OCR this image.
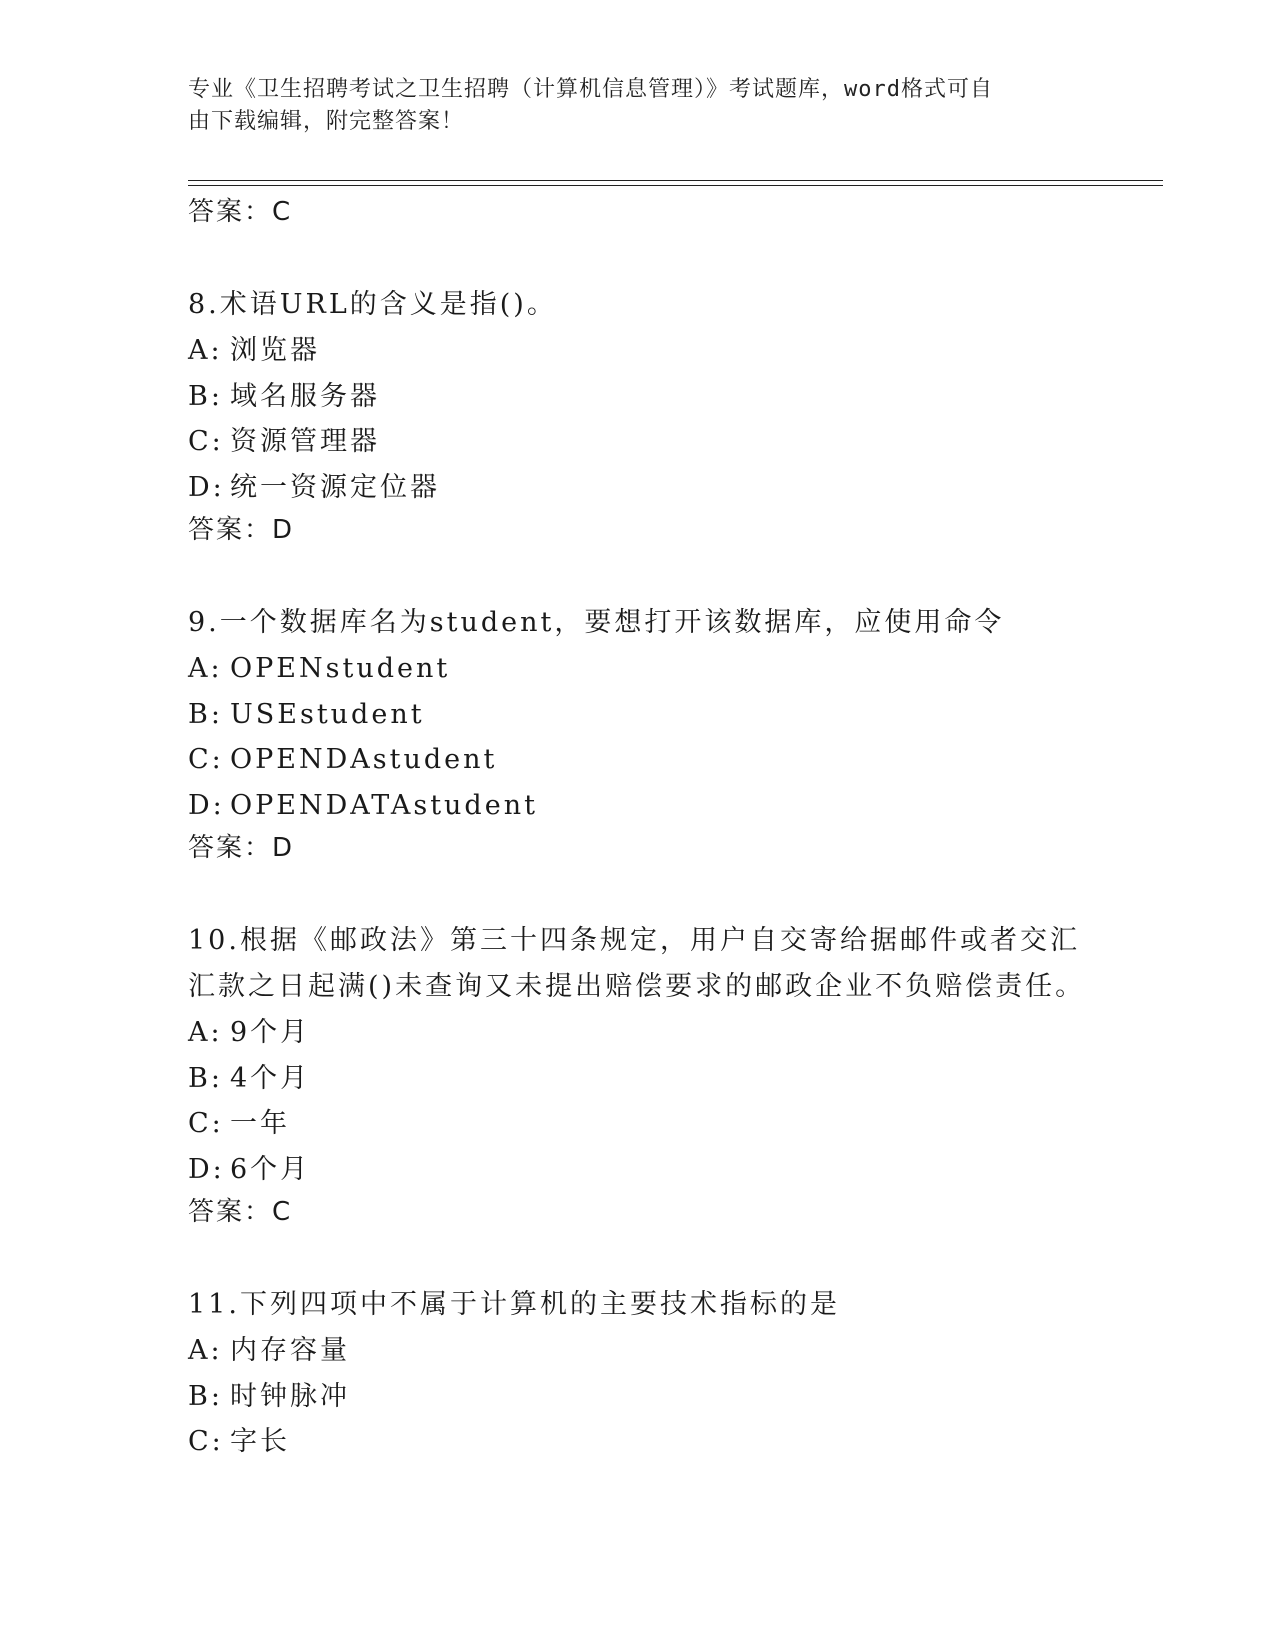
专业《卫生招聘考试之卫生招聘（计算机信息管理）》考试题库，word格式可自
由下载编辑，附完整答案！
答案：C
8.术语URL的含义是指()。
A: 浏览器
B: 域名服务器
C: 资源管理器
D: 统一资源定位器
答案：D
9.一个数据库名为student，要想打开该数据库，应使用命令
A: OPENstudent
B: USEstudent
C: OPENDAstudent
D: OPENDATAstudent
答案：D
10.根据《邮政法》第三十四条规定，用户自交寄给据邮件或者交汇汇款之日起满()未查询又未提出赔偿要求的邮政企业不负赔偿责任。
A: 9个月
B: 4个月
C: 一年
D: 6个月
答案：C
11.下列四项中不属于计算机的主要技术指标的是
A: 内存容量
B: 时钟脉冲
C: 字长
